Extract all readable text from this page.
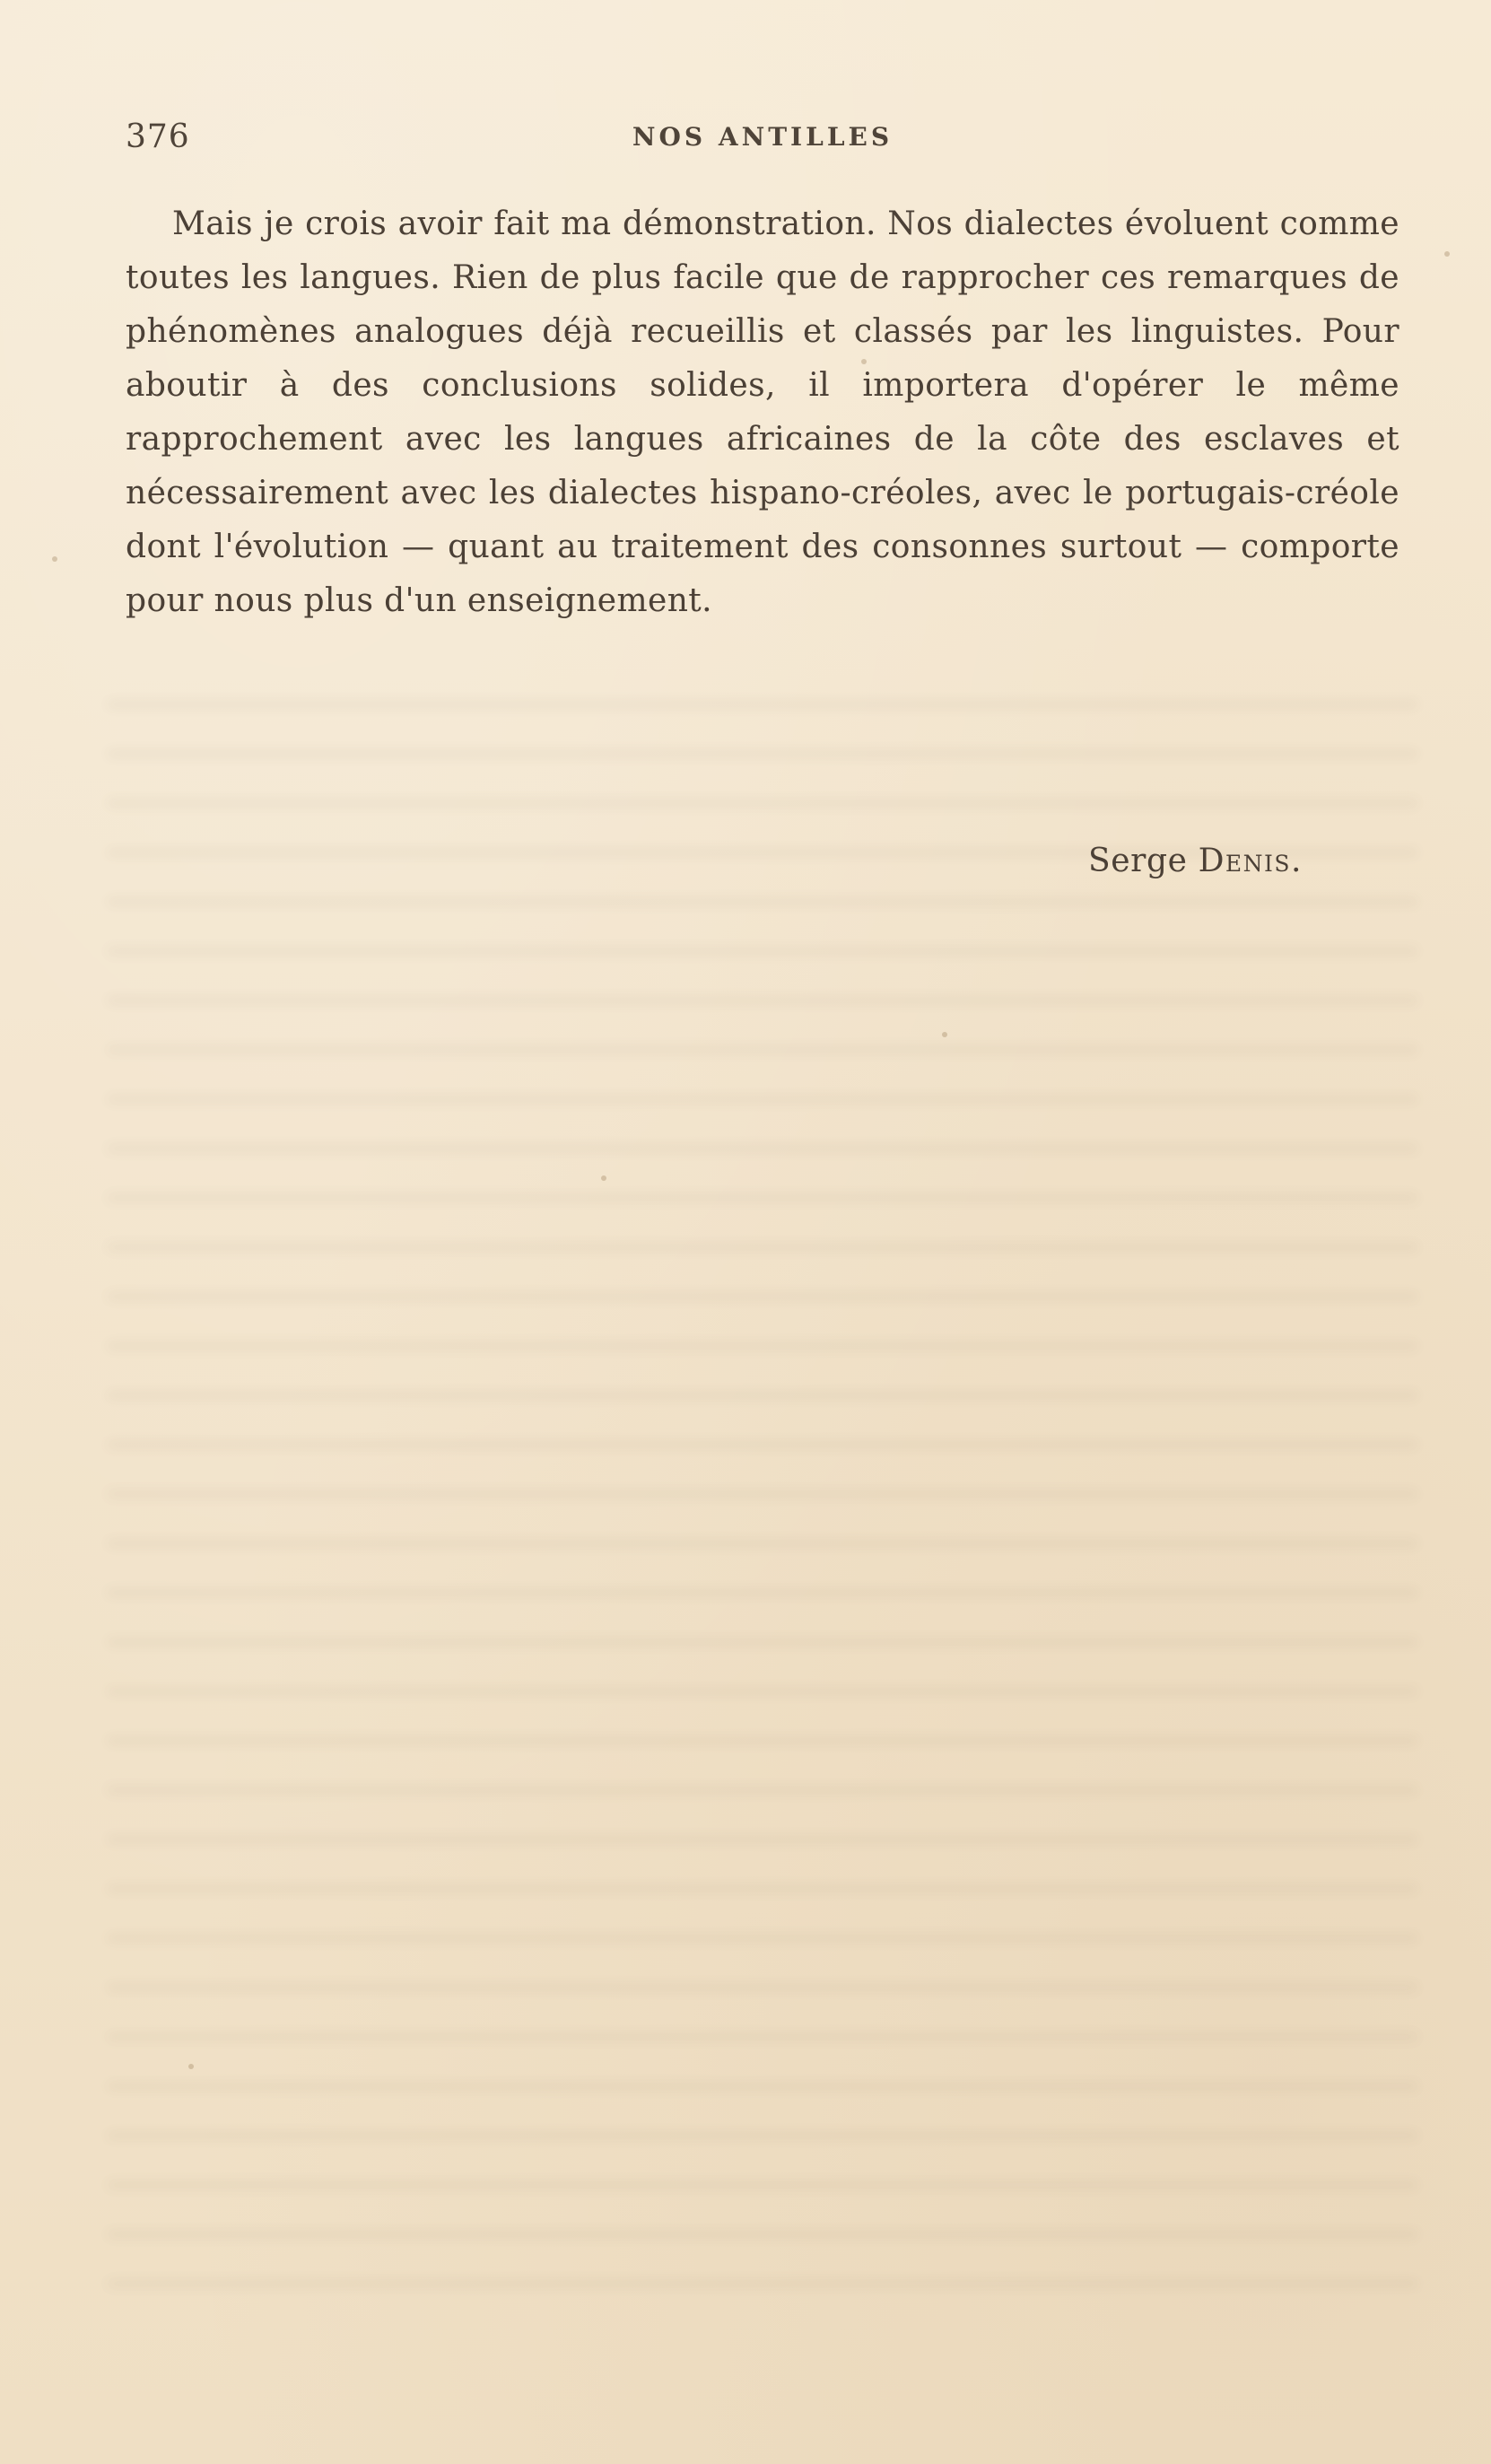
376	NOS ANTILLES

Mais je crois avoir fait ma démonstration. Nos dialectes évoluent comme toutes les langues. Rien de plus facile que de rapprocher ces remarques de phénomènes analogues déjà recueillis et classés par les linguistes. Pour aboutir à des conclusions solides, il importera d'opérer le même rapprochement avec les langues africaines de la côte des esclaves et nécessairement avec les dialectes hispano-créoles, avec le portugais-créole dont l'évolution — quant au traitement des consonnes surtout — comporte pour nous plus d'un enseignement.

Serge Denis.
